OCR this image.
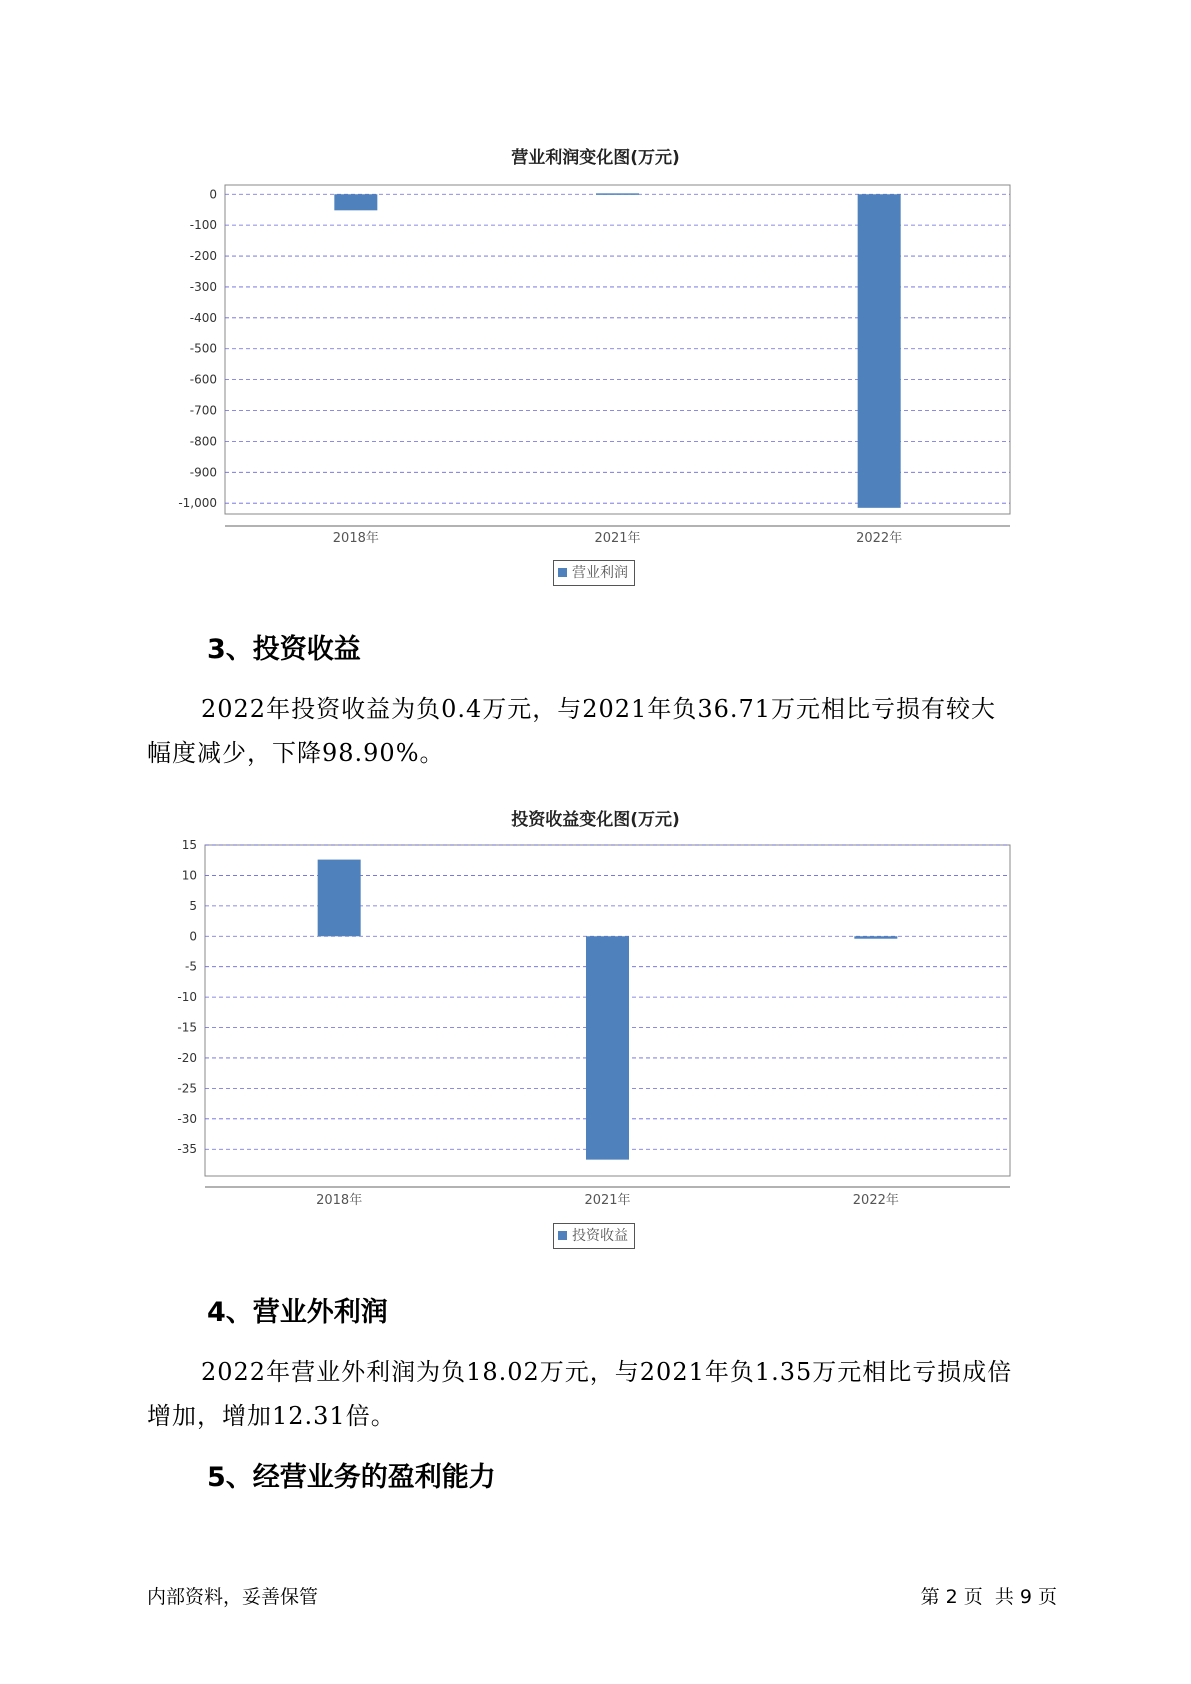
营业利润变化图(万元)
0
-100
-200
-300
-400
-500
-600
-700
-800
-900
-1,000
2018年	2021年	2022年
营业利润
3、投资收益
2022年投资收益为负0.4万元，与2021年负36.71万元相比亏损有较大
幅度减少，下降98.90%。
投资收益变化图(万元)
15
10
5
0
-5
-10
-15
-20
-25
-30
-35
2018年	2021年	2022年
投资收益
4、营业外利润
2022年营业外利润为负18.02万元，与2021年负1.35万元相比亏损成倍
增加，增加12.31倍。
5、经营业务的盈利能力
内部资料，妥善保管	第 2 页  共 9 页
